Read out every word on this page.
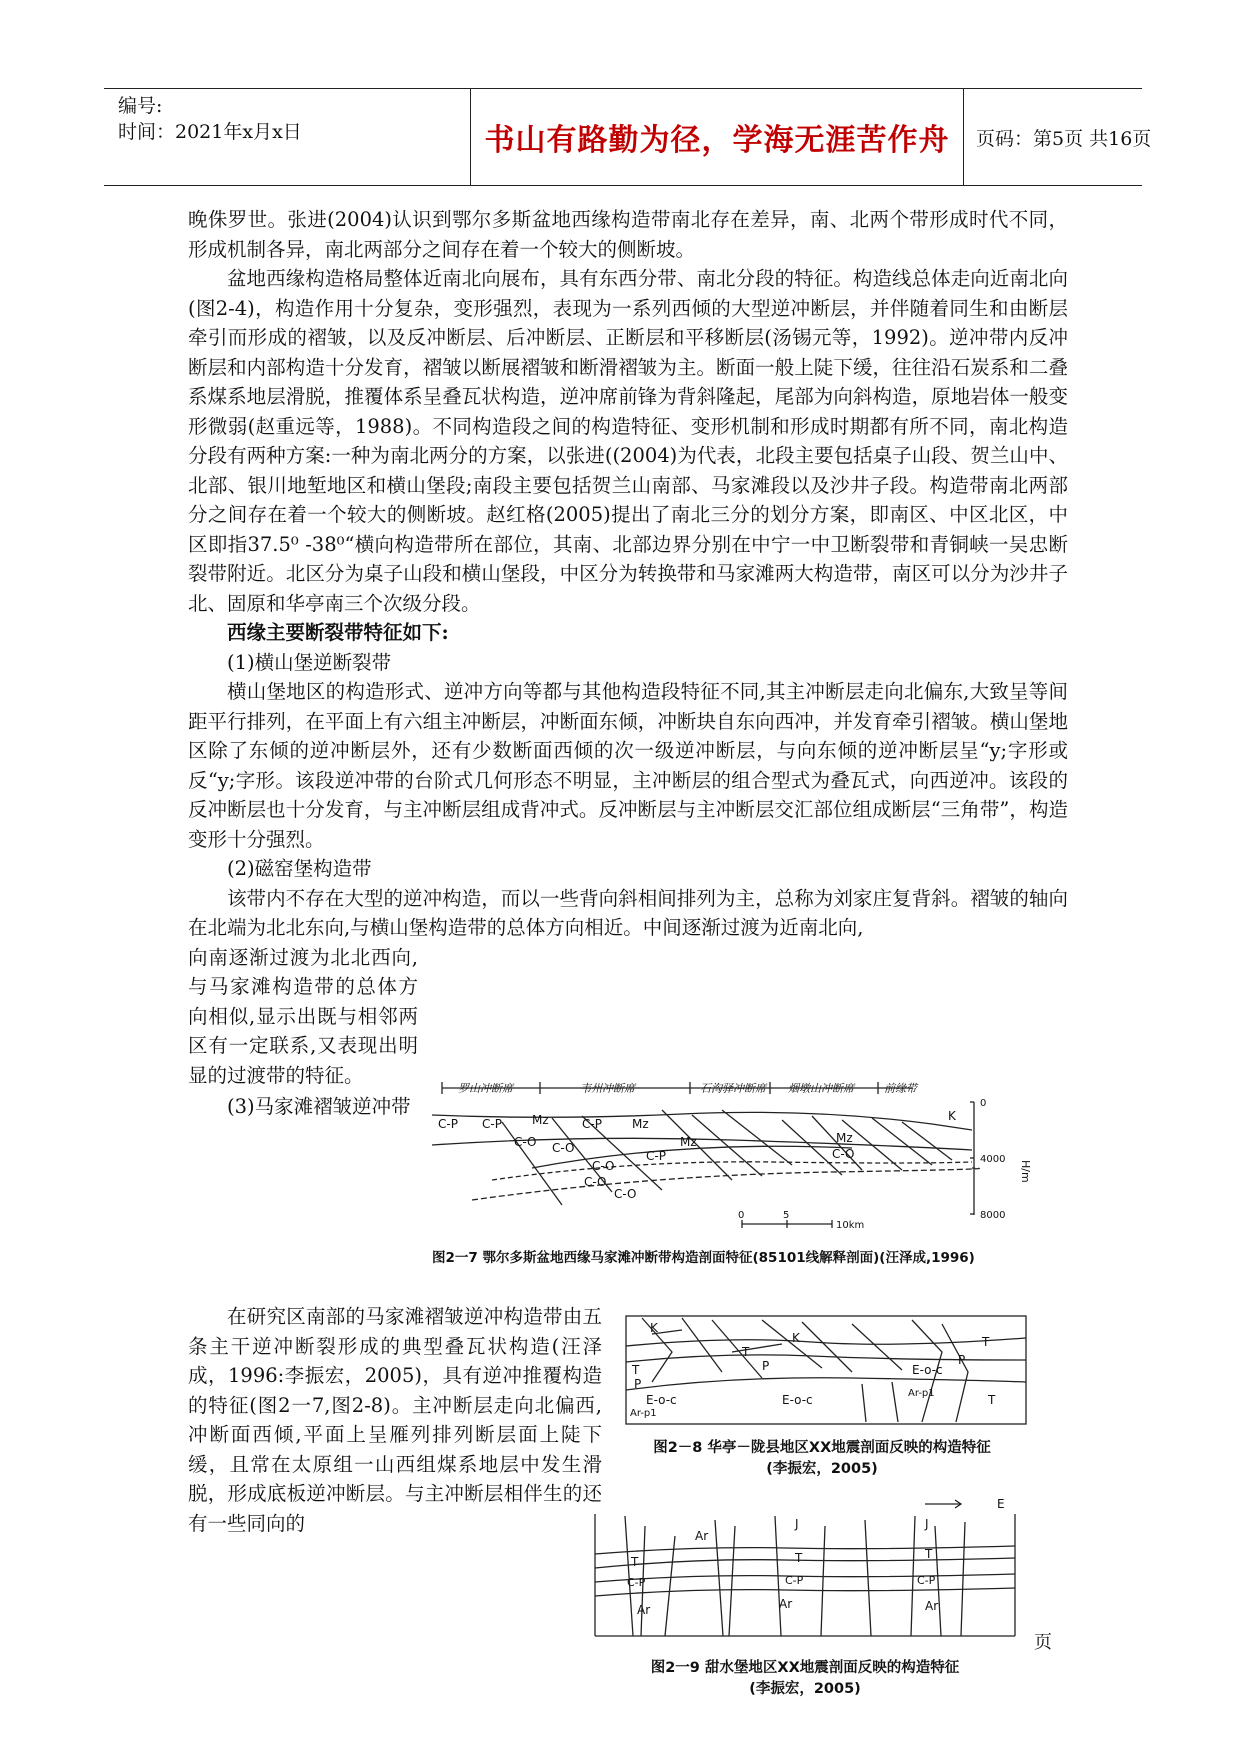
编号:
时间：2021年x月x日	书山有路勤为径，学海无涯苦作舟	页码：第5页 共16页

晚侏罗世。张进(2004)认识到鄂尔多斯盆地西缘构造带南北存在差异，南、北两个带形成时代不同，形成机制各异，南北两部分之间存在着一个较大的侧断坡。

盆地西缘构造格局整体近南北向展布，具有东西分带、南北分段的特征。构造线总体走向近南北向(图2-4)，构造作用十分复杂，变形强烈，表现为一系列西倾的大型逆冲断层，并伴随着同生和由断层牵引而形成的褶皱，以及反冲断层、后冲断层、正断层和平移断层(汤锡元等，1992)。逆冲带内反冲断层和内部构造十分发育，褶皱以断展褶皱和断滑褶皱为主。断面一般上陡下缓，往往沿石炭系和二叠系煤系地层滑脱，推覆体系呈叠瓦状构造，逆冲席前锋为背斜隆起，尾部为向斜构造，原地岩体一般变形微弱(赵重远等，1988)。不同构造段之间的构造特征、变形机制和形成时期都有所不同，南北构造分段有两种方案:一种为南北两分的方案，以张进((2004)为代表，北段主要包括桌子山段、贺兰山中、北部、银川地堑地区和横山堡段;南段主要包括贺兰山南部、马家滩段以及沙井子段。构造带南北两部分之间存在着一个较大的侧断坡。赵红格(2005)提出了南北三分的划分方案，即南区、中区北区，中区即指37.5⁰ -38⁰“横向构造带所在部位，其南、北部边界分别在中宁一中卫断裂带和青铜峡一吴忠断裂带附近。北区分为桌子山段和横山堡段，中区分为转换带和马家滩两大构造带，南区可以分为沙井子北、固原和华亭南三个次级分段。

西缘主要断裂带特征如下:

(1)横山堡逆断裂带

横山堡地区的构造形式、逆冲方向等都与其他构造段特征不同,其主冲断层走向北偏东,大致呈等间距平行排列，在平面上有六组主冲断层，冲断面东倾，冲断块自东向西冲，并发育牵引褶皱。横山堡地区除了东倾的逆冲断层外，还有少数断面西倾的次一级逆冲断层，与向东倾的逆冲断层呈“y;字形或反“y;字形。该段逆冲带的台阶式几何形态不明显，主冲断层的组合型式为叠瓦式，向西逆冲。该段的反冲断层也十分发育，与主冲断层组成背冲式。反冲断层与主冲断层交汇部位组成断层“三角带”，构造变形十分强烈。

(2)磁窑堡构造带

该带内不存在大型的逆冲构造，而以一些背向斜相间排列为主，总称为刘家庄复背斜。褶皱的轴向在北端为北北东向,与横山堡构造带的总体方向相近。中间逐渐过渡为近南北向,

向南逐渐过渡为北北西向,与马家滩构造带的总体方向相似,显示出既与相邻两区有一定联系,又表现出明显的过渡带的特征。

(3)马家滩褶皱逆冲带

在研究区南部的马家滩褶皱逆冲构造带由五条主干逆冲断裂形成的典型叠瓦状构造(汪泽成，1996:李振宏，2005)，具有逆冲推覆构造的特征(图2一7,图2-8)。主冲断层走向北偏西,冲断面西倾,平面上呈雁列排列断层面上陡下缓，且常在太原组一山西组煤系地层中发生滑脱，形成底板逆冲断层。与主冲断层相伴生的还有一些同向的

罗山冲断席	韦州冲断席	石沟驿冲断席 烟墩山冲断席	前缘带
C-P C-P	Mz
C-O C-O
C-P	Mz
Mz
C-O
C-P
C-O
C-O
Mz
C-O
K
0
4000
8000
H/m
0	5
10km
图2一7 鄂尔多斯盆地西缘马家滩冲断带构造剖面特征(85101线解释剖面)(汪泽成,1996)
K
K
T
P
T
P
E-o-c	E-o-c
Ar-p1
E-o-c
Ar-p1
T
T
P
图2－8 华亭－陇县地区XX地震剖面反映的构造特征
(李振宏，2005)
E
Ar
T
C-P
Ar
J
T
C-P
Ar
J
T
C-P
Ar
图2一9 甜水堡地区XX地震剖面反映的构造特征
(李振宏，2005)
页
